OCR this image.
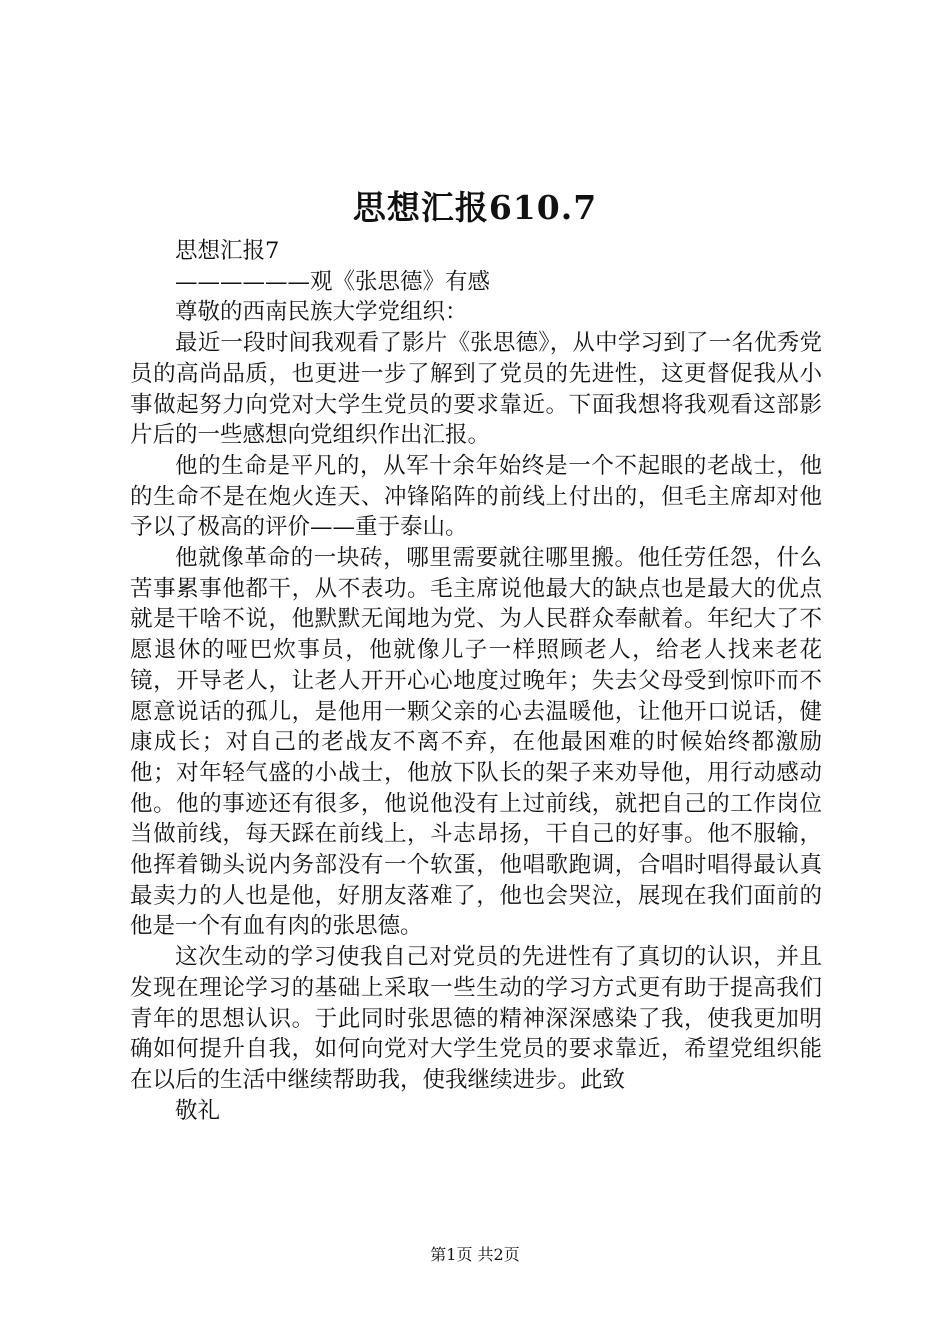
思想汇报610.7

思想汇报7

——————观《张思德》有感

尊敬的西南民族大学党组织：

最近一段时间我观看了影片《张思德》，从中学习到了一名优秀党员的高尚品质，也更进一步了解到了党员的先进性，这更督促我从小事做起努力向党对大学生党员的要求靠近。下面我想将我观看这部影片后的一些感想向党组织作出汇报。

他的生命是平凡的，从军十余年始终是一个不起眼的老战士，他的生命不是在炮火连天、冲锋陷阵的前线上付出的，但毛主席却对他予以了极高的评价——重于泰山。

他就像革命的一块砖，哪里需要就往哪里搬。他任劳任怨，什么苦事累事他都干，从不表功。毛主席说他最大的缺点也是最大的优点就是干啥不说，他默默无闻地为党、为人民群众奉献着。年纪大了不愿退休的哑巴炊事员，他就像儿子一样照顾老人，给老人找来老花镜，开导老人，让老人开开心心地度过晚年；失去父母受到惊吓而不愿意说话的孤儿，是他用一颗父亲的心去温暖他，让他开口说话，健康成长；对自己的老战友不离不弃，在他最困难的时候始终都激励他；对年轻气盛的小战士，他放下队长的架子来劝导他，用行动感动他。他的事迹还有很多，他说他没有上过前线，就把自己的工作岗位当做前线，每天踩在前线上，斗志昂扬，干自己的好事。他不服输，他挥着锄头说内务部没有一个软蛋，他唱歌跑调，合唱时唱得最认真最卖力的人也是他，好朋友落难了，他也会哭泣，展现在我们面前的他是一个有血有肉的张思德。

这次生动的学习使我自己对党员的先进性有了真切的认识，并且发现在理论学习的基础上采取一些生动的学习方式更有助于提高我们青年的思想认识。于此同时张思德的精神深深感染了我，使我更加明确如何提升自我，如何向党对大学生党员的要求靠近，希望党组织能在以后的生活中继续帮助我，使我继续进步。此致

敬礼

第1页 共2页
